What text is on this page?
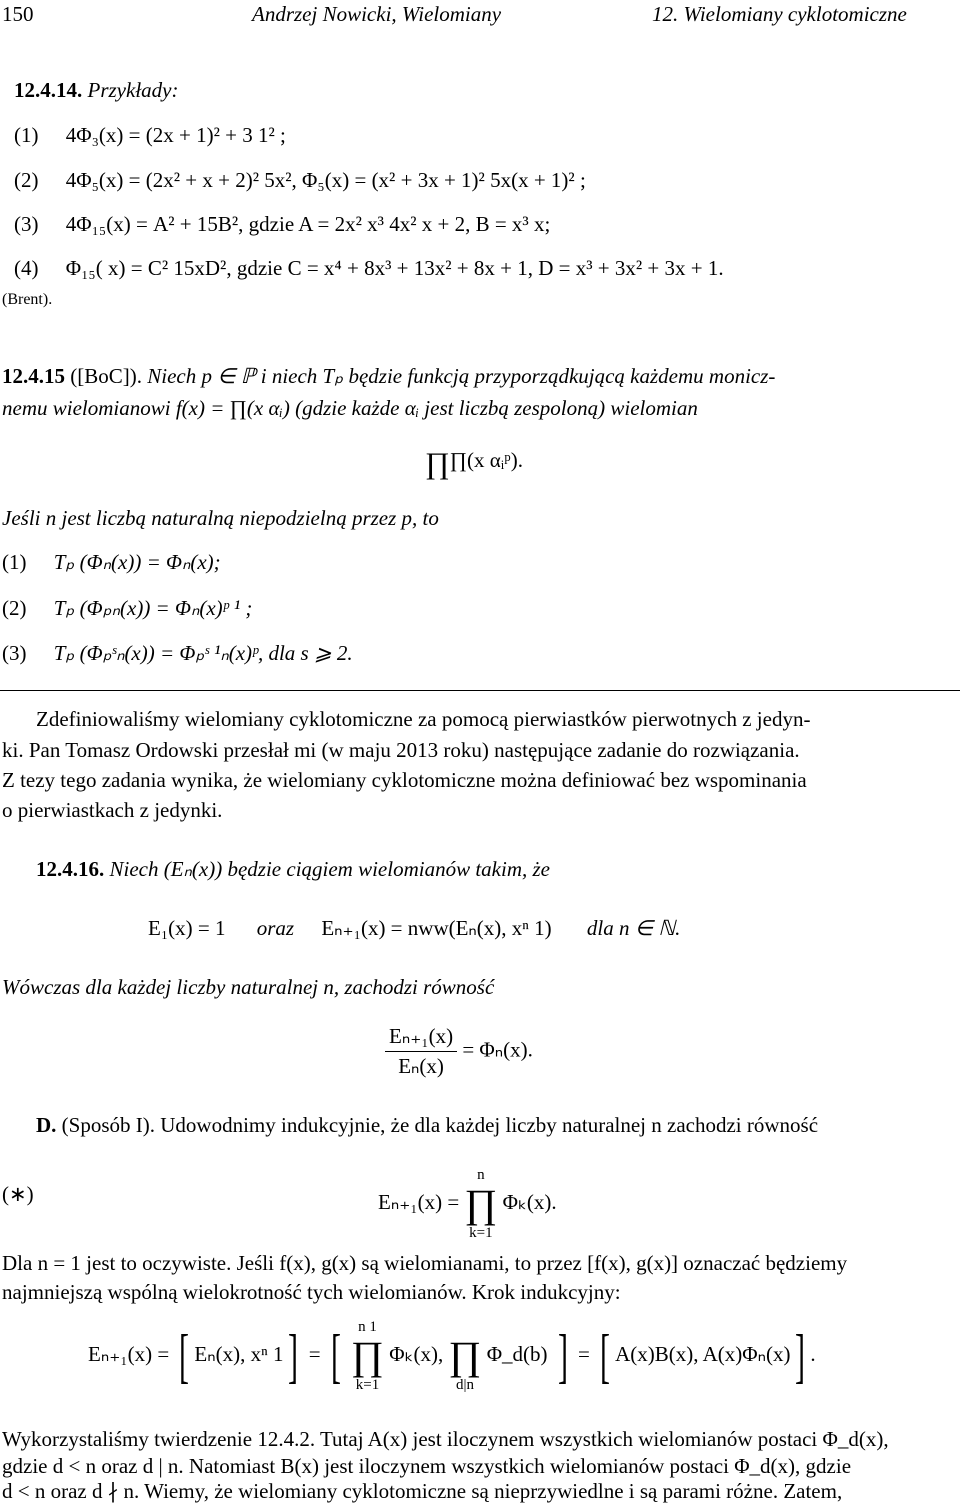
150	Andrzej Nowicki, Wielomiany	12. Wielomiany cyklotomiczne
12.4.14. Przykłady:
(1) 4Φ₃(x) = (2x + 1)² + 3 1² ;
(2) 4Φ₅(x) = (2x² + x + 2)² 5x², Φ₅(x) = (x² + 3x + 1)² 5x(x + 1)² ;
(3) 4Φ₁₅(x) = A² + 15B², gdzie A = 2x² x³ 4x² x + 2, B = x³ x;
(4) Φ₁₅( x) = C² 15xD², gdzie C = x⁴ + 8x³ + 13x² + 8x + 1, D = x³ + 3x² + 3x + 1.
(Brent).
12.4.15 ([BoC]). Niech p ∈ ℙ i niech Tₚ będzie funkcją przyporządkującą każdemu monicz-
nemu wielomianowi f(x) = ∏(x αᵢ) (gdzie każde αᵢ jest liczbą zespoloną) wielomian
∏∏(x αᵢᵖ).
Jeśli n jest liczbą naturalną niepodzielną przez p, to
(1) Tₚ (Φₙ(x)) = Φₙ(x);
(2) Tₚ (Φₚₙ(x)) = Φₙ(x)ᵖ ¹ ;
(3) Tₚ (Φₚˢₙ(x)) = Φₚˢ ¹ₙ(x)ᵖ, dla s ⩾ 2.
Zdefiniowaliśmy wielomiany cyklotomiczne za pomocą pierwiastków pierwotnych z jedyn-
ki. Pan Tomasz Ordowski przesłał mi (w maju 2013 roku) następujące zadanie do rozwiązania.
Z tezy tego zadania wynika, że wielomiany cyklotomiczne można definiować bez wspominania
o pierwiastkach z jedynki.
12.4.16. Niech (Eₙ(x)) będzie ciągiem wielomianów takim, że
E₁(x) = 1 oraz Eₙ₊₁(x) = nww(Eₙ(x), xⁿ 1) dla n ∈ ℕ.
Wówczas dla każdej liczby naturalnej n, zachodzi równość
$\frac{\text{Eₙ₊₁(x)}}{\text{Eₙ(x)}} = \Phi_n(x)$.
D. (Sposób I). Udowodnimy indukcyjnie, że dla każdej liczby naturalnej n zachodzi równość
(∗)	Eₙ₊₁(x) =
n
∏
k=1
Φₖ(x).
Dla n = 1 jest to oczywiste. Jeśli f(x), g(x) są wielomianami, to przez [f(x), g(x)] oznaczać będziemy
najmniejszą wspólną wielokrotność tych wielomianów. Krok indukcyjny:
Eₙ₊₁(x) = [ Eₙ(x), xⁿ 1] = [ n 1
∏
k=1
Φₖ(x), ∏
d|n
Φ_d(b) ] = [ A(x)B(x), A(x)Φₙ(x)] .
Wykorzystaliśmy twierdzenie 12.4.2. Tutaj A(x) jest iloczynem wszystkich wielomianów postaci Φ_d(x),
gdzie d < n oraz d | n. Natomiast B(x) jest iloczynem wszystkich wielomianów postaci Φ_d(x), gdzie
d < n oraz d ∤ n. Wiemy, że wielomiany cyklotomiczne są nieprzywiedlne i są parami różne. Zatem,
